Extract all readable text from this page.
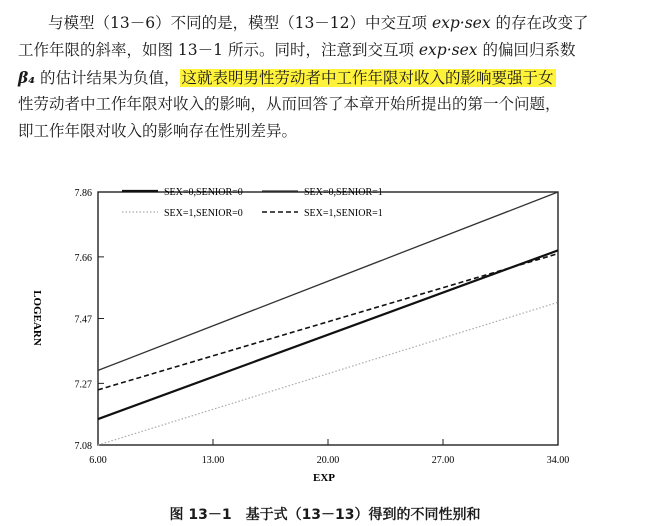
与模型（13－6）不同的是，模型（13－12）中交互项 exp·sex 的存在改变了
工作年限的斜率，如图 13－1 所示。同时，注意到交互项 exp·sex 的偏回归系数
β₄ 的估计结果为负值， 这就表明男性劳动者中工作年限对收入的影响要强于女
性劳动者中工作年限对收入的影响，从而回答了本章开始所提出的第一个问题，
即工作年限对收入的影响存在性别差异。
6.00	13.00	20.00	27.00	34.00
7.08
7.27
7.47
7.66
7.86	SEX=0,SENIOR=0	SEX=0,SENIOR=1
SEX=1,SENIOR=0	SEX=1,SENIOR=1
EXP
LOGEARN
图 13－1　基于式（13－13）得到的不同性别和
